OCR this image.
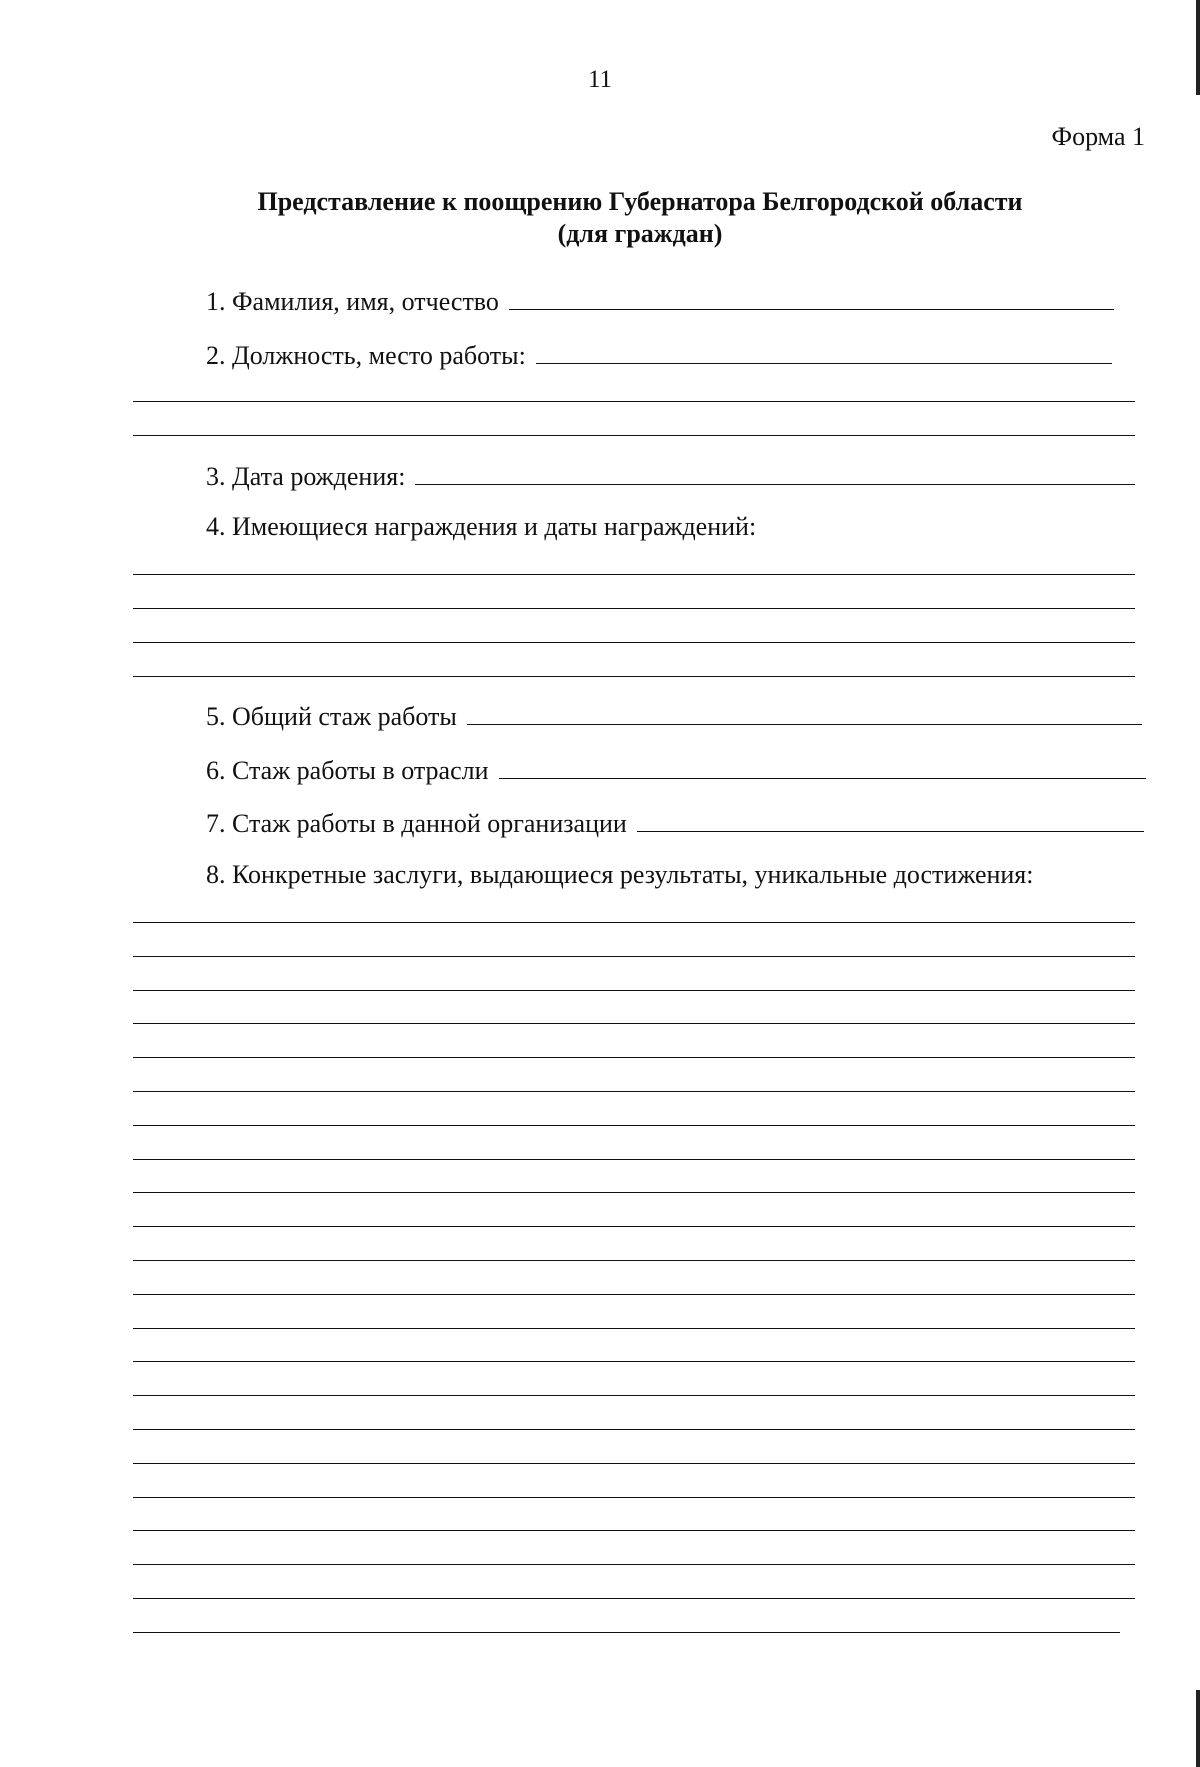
11
Форма 1
Представление к поощрению Губернатора Белгородской области
(для граждан)
1. Фамилия, имя, отчество
2. Должность, место работы:
3. Дата рождения:
4. Имеющиеся награждения и даты награждений:
5. Общий стаж работы
6. Стаж работы в отрасли
7. Стаж работы в данной организации
8. Конкретные заслуги, выдающиеся результаты, уникальные достижения:
